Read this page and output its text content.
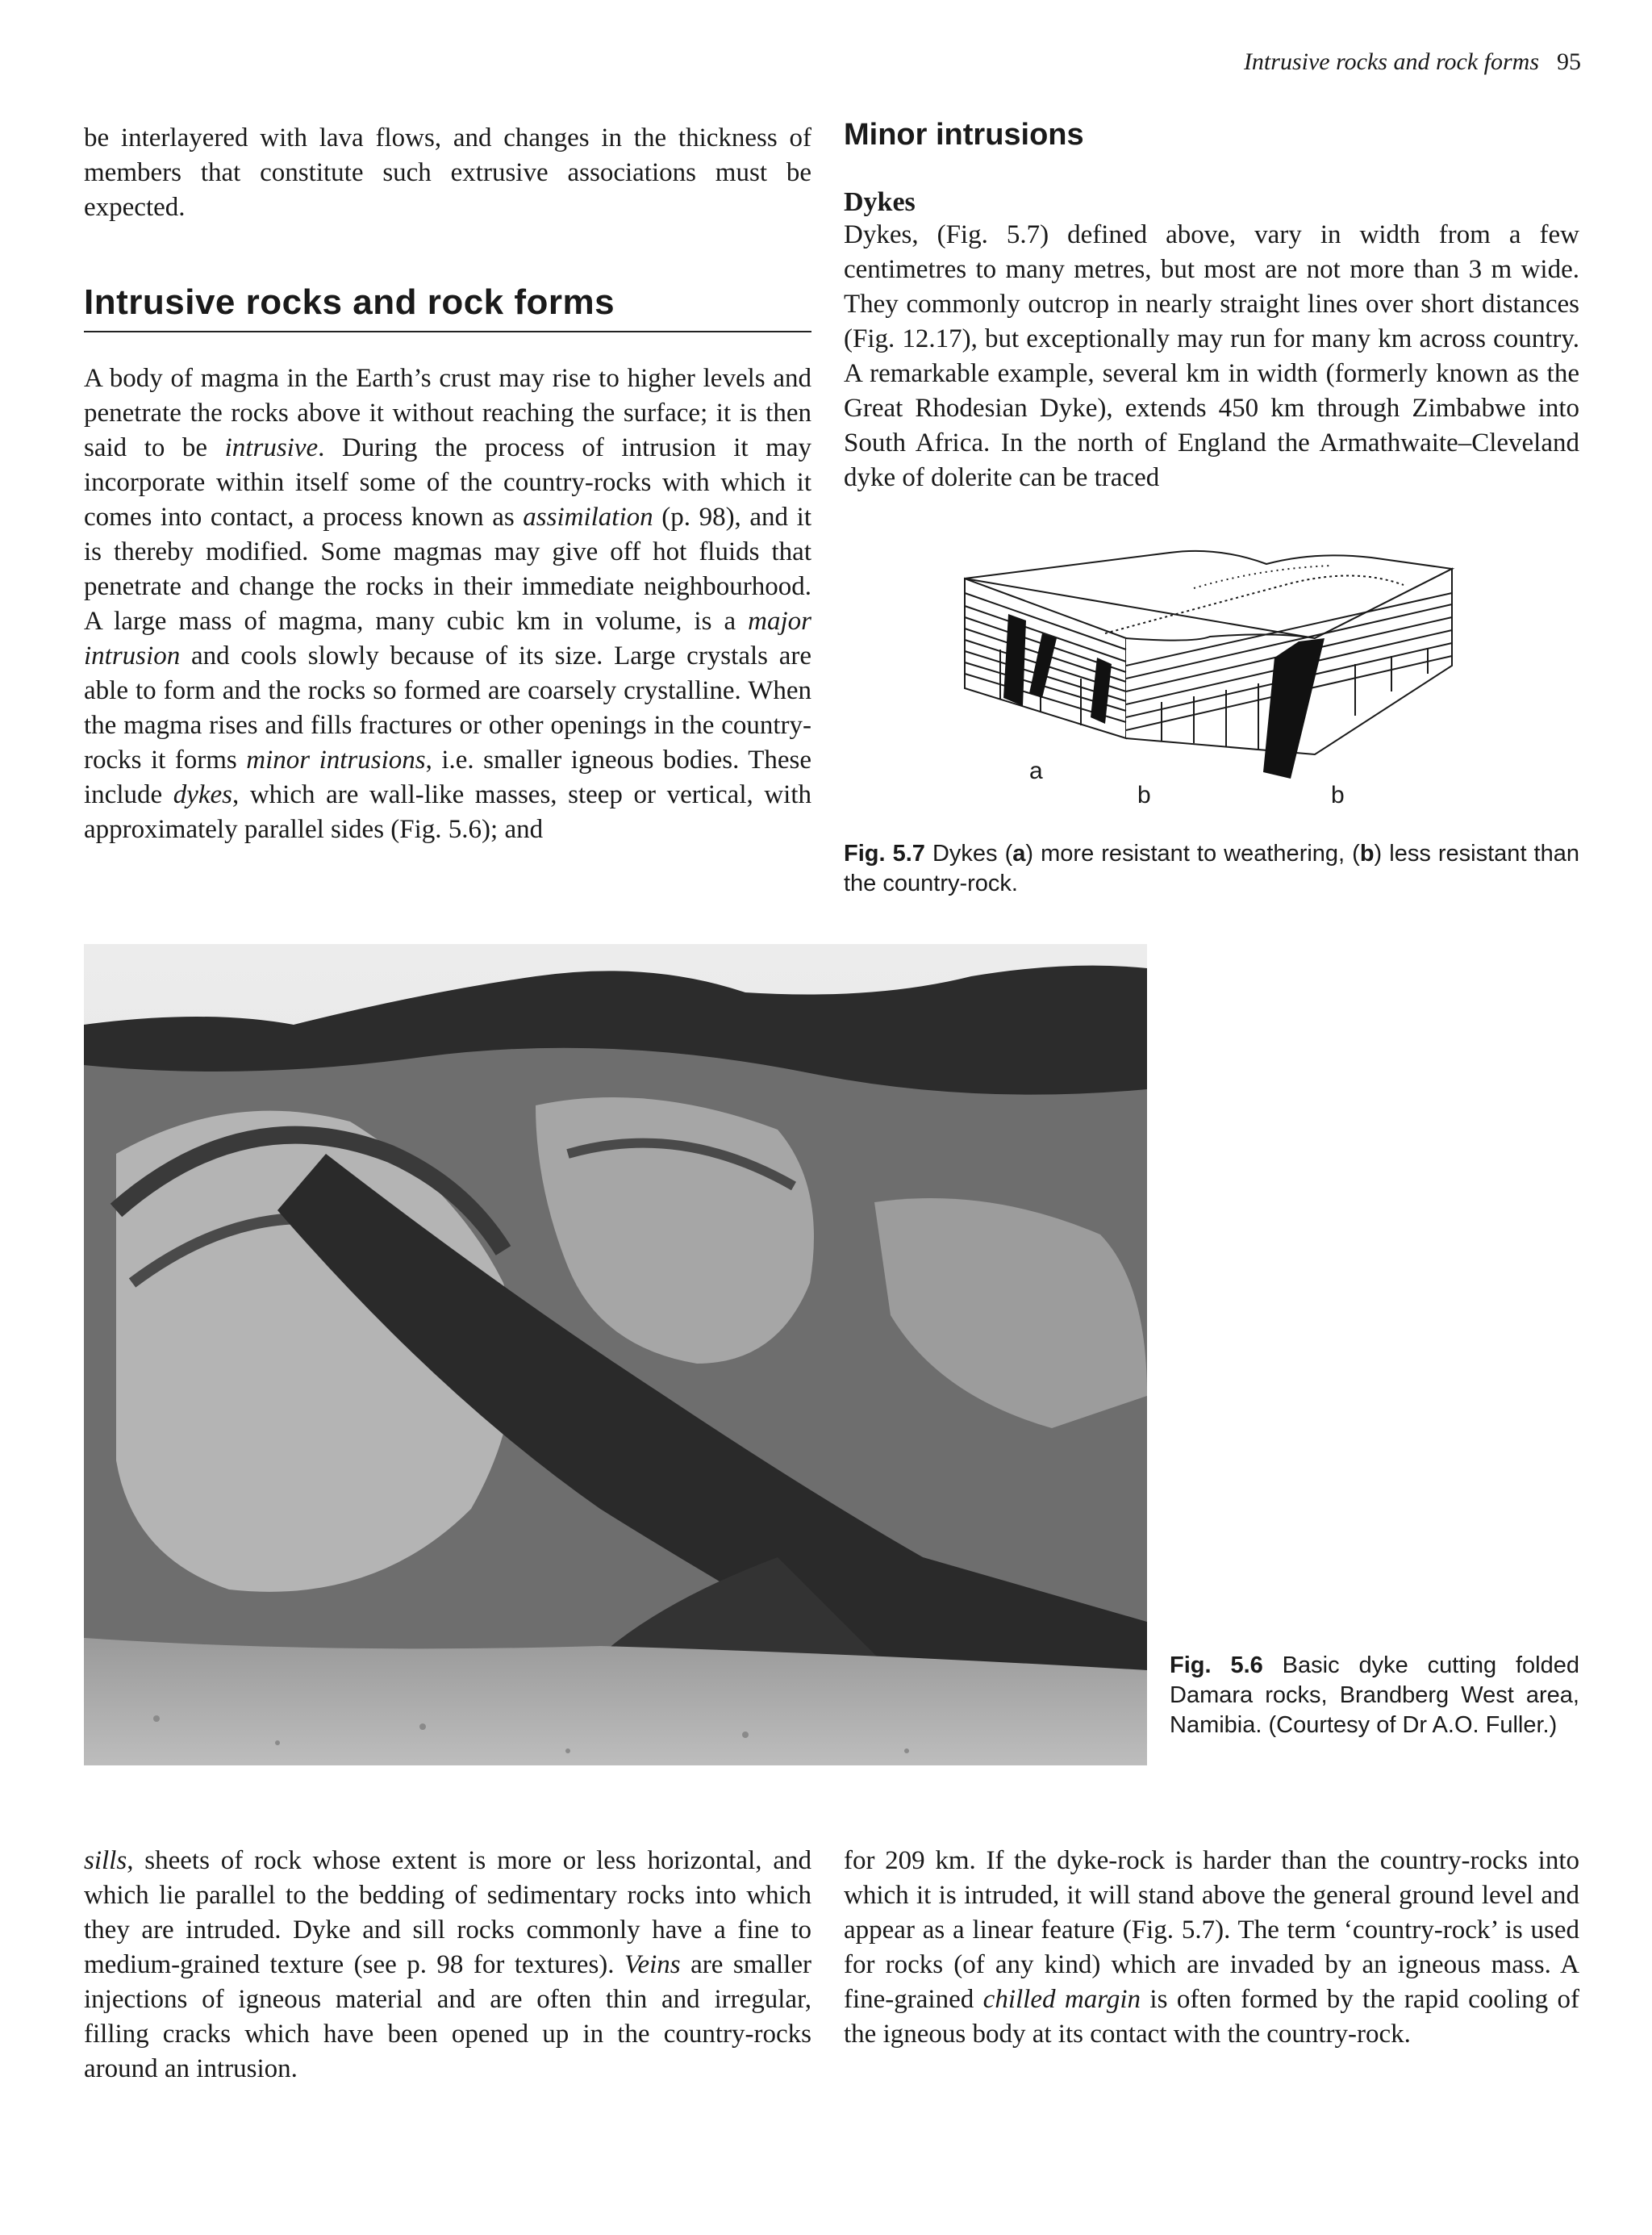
Intrusive rocks and rock forms 95

be interlayered with lava flows, and changes in the thickness of members that constitute such extrusive associations must be expected.

Intrusive rocks and rock forms

A body of magma in the Earth’s crust may rise to higher levels and penetrate the rocks above it without reaching the surface; it is then said to be intrusive. During the process of intrusion it may incorporate within itself some of the country-rocks with which it comes into contact, a process known as assimilation (p. 98), and it is thereby modified. Some magmas may give off hot fluids that penetrate and change the rocks in their immediate neighbourhood. A large mass of magma, many cubic km in volume, is a major intrusion and cools slowly because of its size. Large crystals are able to form and the rocks so formed are coarsely crystalline. When the magma rises and fills fractures or other openings in the country-rocks it forms minor intrusions, i.e. smaller igneous bodies. These include dykes, which are wall-like masses, steep or vertical, with approximately parallel sides (Fig. 5.6); and

Minor intrusions
Dykes

Dykes, (Fig. 5.7) defined above, vary in width from a few centimetres to many metres, but most are not more than 3 m wide. They commonly outcrop in nearly straight lines over short distances (Fig. 12.17), but exceptionally may run for many km across country. A remarkable example, several km in width (formerly known as the Great Rhodesian Dyke), extends 450 km through Zimbabwe into South Africa. In the north of England the Armathwaite–Cleveland dyke of dolerite can be traced

a
b	b
Fig. 5.7 Dykes (a) more resistant to weathering, (b) less resistant than the country-rock.
Fig. 5.6 Basic dyke cutting folded Damara rocks, Brandberg West area, Namibia. (Courtesy of Dr A.O. Fuller.)

sills, sheets of rock whose extent is more or less horizontal, and which lie parallel to the bedding of sedimentary rocks into which they are intruded. Dyke and sill rocks commonly have a fine to medium-grained texture (see p. 98 for textures). Veins are smaller injections of igneous material and are often thin and irregular, filling cracks which have been opened up in the country-rocks around an intrusion.

for 209 km. If the dyke-rock is harder than the country-rocks into which it is intruded, it will stand above the general ground level and appear as a linear feature (Fig. 5.7). The term ‘country-rock’ is used for rocks (of any kind) which are invaded by an igneous mass. A fine-grained chilled margin is often formed by the rapid cooling of the igneous body at its contact with the country-rock.
